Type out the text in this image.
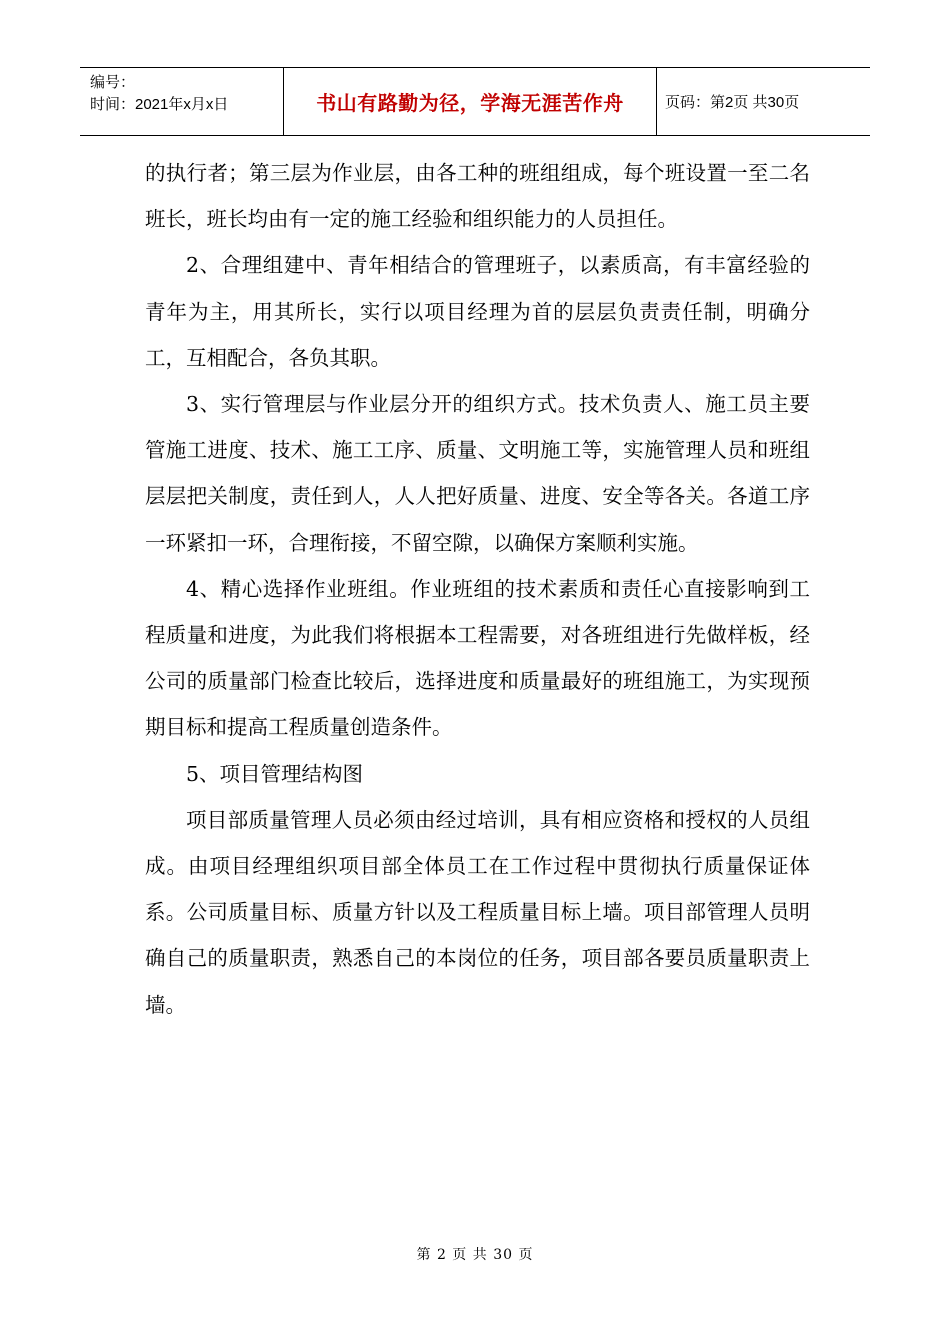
编号：
时间：2021年x月x日	书山有路勤为径，学海无涯苦作舟	页码：第2页 共30页

的执行者；第三层为作业层，由各工种的班组组成，每个班设置一至二名班长，班长均由有一定的施工经验和组织能力的人员担任。

2、合理组建中、青年相结合的管理班子，以素质高，有丰富经验的青年为主，用其所长，实行以项目经理为首的层层负责责任制，明确分工，互相配合，各负其职。

3、实行管理层与作业层分开的组织方式。技术负责人、施工员主要管施工进度、技术、施工工序、质量、文明施工等，实施管理人员和班组层层把关制度，责任到人，人人把好质量、进度、安全等各关。各道工序一环紧扣一环，合理衔接，不留空隙，以确保方案顺利实施。

4、精心选择作业班组。作业班组的技术素质和责任心直接影响到工程质量和进度，为此我们将根据本工程需要，对各班组进行先做样板，经公司的质量部门检查比较后，选择进度和质量最好的班组施工，为实现预期目标和提高工程质量创造条件。

5、项目管理结构图

项目部质量管理人员必须由经过培训，具有相应资格和授权的人员组成。由项目经理组织项目部全体员工在工作过程中贯彻执行质量保证体系。公司质量目标、质量方针以及工程质量目标上墙。项目部管理人员明确自己的质量职责，熟悉自己的本岗位的任务，项目部各要员质量职责上墙。

第 2 页 共 30 页
